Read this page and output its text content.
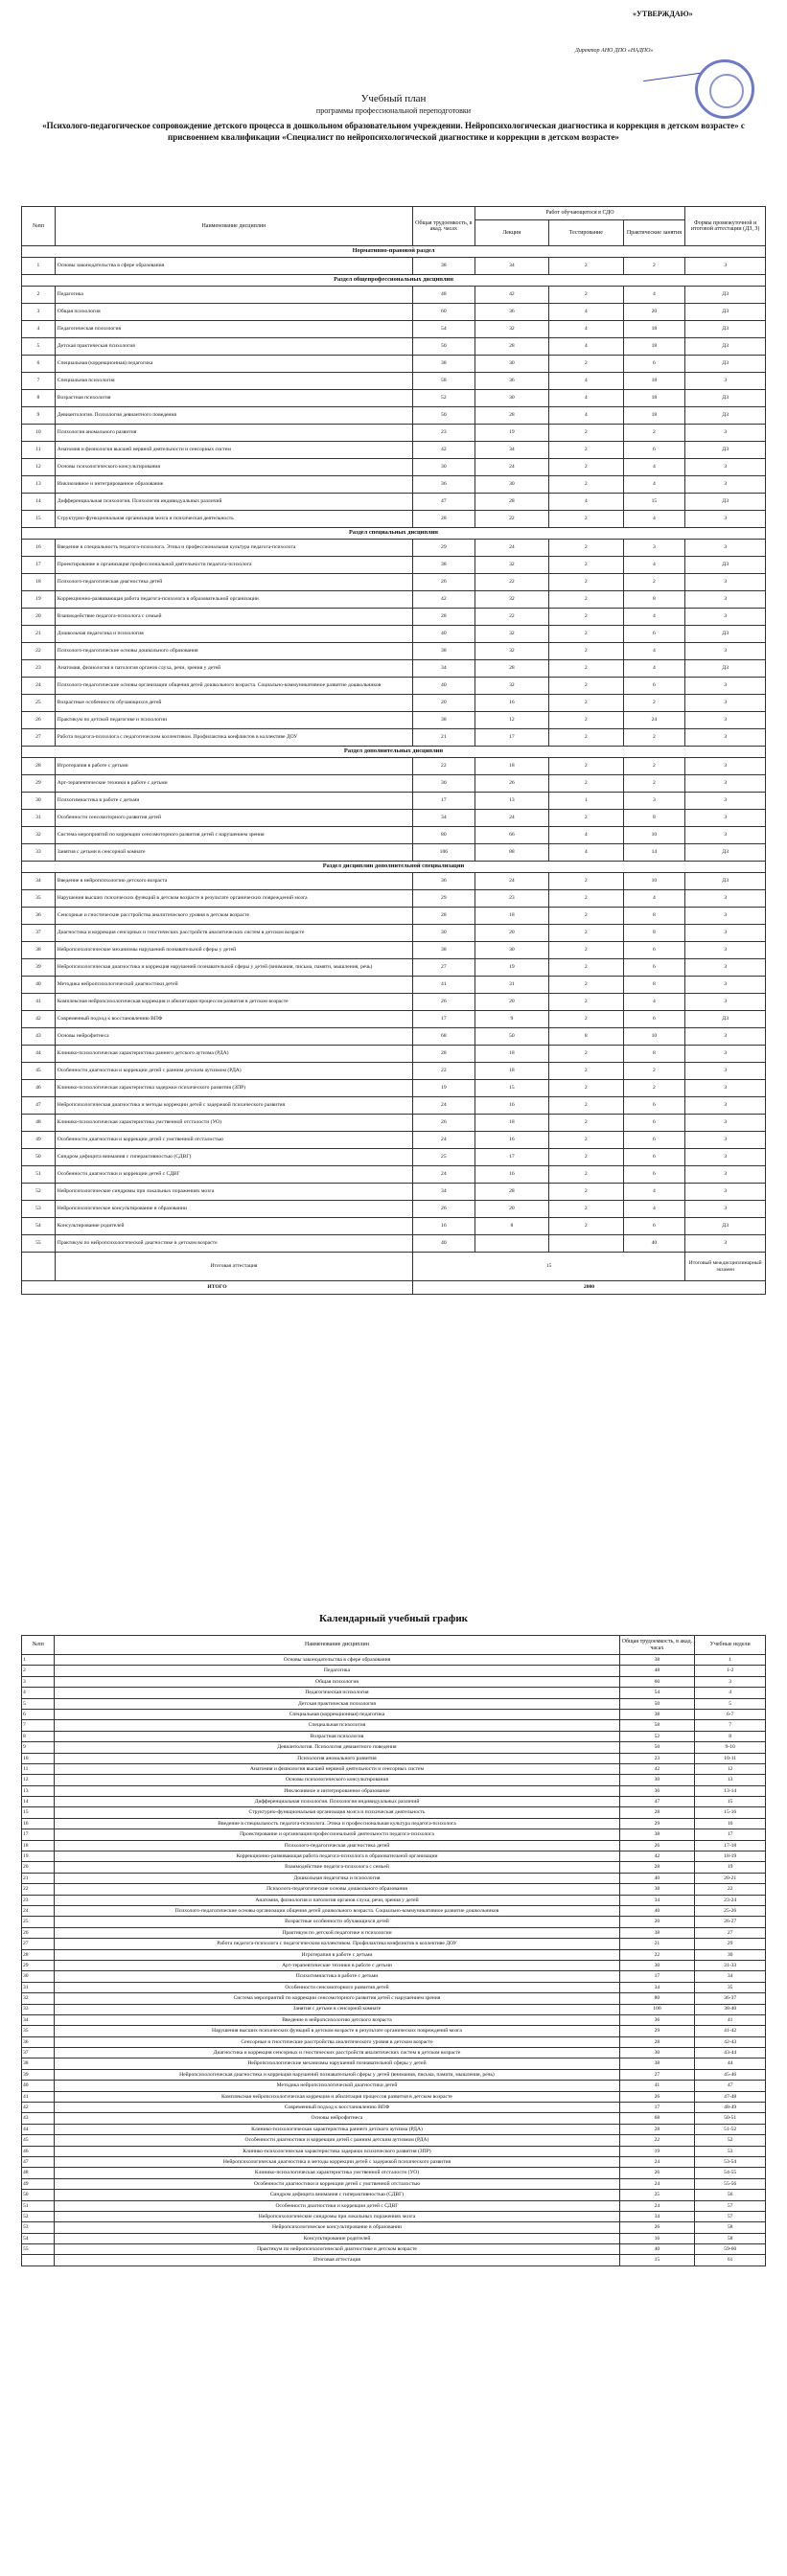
«УТВЕРЖДАЮ»
Директор АНО ДПО «НАДПО»
Учебный план
программы профессиональной переподготовки
«Психолого-педагогическое сопровождение детского процесса в дошкольном образовательном учреждении. Нейропсихологическая диагностика и коррекция в детском возрасте» с присвоением квалификации «Специалист по нейропсихологической диагностике и коррекции в детском возрасте»
№пп	Наименование дисциплин	Общая трудоемкость, в акад. часах	Работ обучающегося в СДО			Формы промежуточной и итоговой аттестации (ДЗ, З)
			Лекции	Тестирование	Практические занятия	
Нормативно-правовой раздел						
1	Основы законодательства в сфере образования	38	34	2	2	З
Раздел общепрофессиональных дисциплин						
2	Педагогика	48	42	2	4	ДЗ
3	Общая психология	60	36	4	20	ДЗ
4	Педагогическая психология	54	32	4	18	ДЗ
5	Детская практическая психология	50	28	4	18	ДЗ
6	Специальная (коррекционная) педагогика	38	30	2	6	ДЗ
7	Специальная психология	58	36	4	18	З
8	Возрастная психология	52	30	4	18	ДЗ
9	Девиантология. Психология девиантного поведения	50	28	4	18	ДЗ
10	Психология аномального развития	23	19	2	2	З
11	Анатомия и физиология высшей нервной деятельности и сенсорных систем	42	34	2	6	ДЗ
12	Основы психологического консультирования	30	24	2	4	З
13	Инклюзивное и интегрированное образование	36	30	2	4	З
14	Дифференциальная психология. Психология индивидуальных различий	47	28	4	15	ДЗ
15	Структурно-функциональная организация мозга и психическая деятельность	28	22	2	4	З
Раздел специальных дисциплин						
16	Введение в специальность педагога-психолога. Этика и профессиональная культура педагога-психолога	29	24	2	3	З
17	Проектирование и организация профессиональной деятельности педагога-психолога	38	32	2	4	ДЗ
18	Психолого-педагогическая диагностика детей	26	22	2	2	З
19	Коррекционно-развивающая работа педагога-психолога в образовательной организации	42	32	2	8	З
20	Взаимодействие педагога-психолога с семьей	28	22	2	4	З
21	Дошкольная педагогика и психология	40	32	2	6	ДЗ
22	Психолого-педагогические основы дошкольного образования	38	32	2	4	З
23	Анатомия, физиология и патология органов слуха, речи, зрения у детей	34	28	2	4	ДЗ
24	Психолого-педагогические основы организации общения детей дошкольного возраста. Социально-коммуникативное развитие дошкольников	40	32	2	6	З
25	Возрастные особенности обучающихся детей	20	16	2	2	З
26	Практикум по детской педагогике и психологии	38	12	2	24	З
27	Работа педагога-психолога с педагогическим коллективом. Профилактика конфликтов в коллективе ДОУ	21	17	2	2	З
Раздел дополнительных дисциплин						
28	Игротерапия в работе с детьми	22	18	2	2	З
29	Арт-терапевтические техники в работе с детьми	30	26	2	2	З
30	Психогимнастика в работе с детьми	17	13	1	3	З
31	Особенности сенсомоторного развития детей	34	24	2	8	З
32	Система мероприятий по коррекции сенсомоторного развития детей с нарушением зрения	80	66	4	10	З
33	Занятия с детьми в сенсорной комнате	106	88	4	14	ДЗ
Раздел дисциплин дополнительной специализации						
34	Введение в нейропсихологию детского возраста	36	24	2	10	ДЗ
35	Нарушения высших психических функций в детском возрасте в результате органических повреждений мозга	29	23	2	4	З
36	Сенсорные и гностические расстройства аналитического уровня в детском возрасте	28	18	2	8	З
37	Диагностика и коррекция сенсорных и гностических расстройств аналитических систем в детском возрасте	30	20	2	8	З
38	Нейропсихологические механизмы нарушений познавательной сферы у детей	38	30	2	6	З
39	Нейропсихологическая диагностика и коррекция нарушений познавательной сферы у детей (внимания, письма, памяти, мышления, речь)	27	19	2	6	З
40	Методика нейропсихологической диагностики детей	41	31	2	8	З
41	Комплексная нейропсихологическая коррекция и абилитация процессов развития в детском возрасте	26	20	2	4	З
42	Современный подход к восстановлению ВПФ	17	9	2	6	ДЗ
43	Основы нейрофитнеса	68	50	8	10	З
44	Клинико-психологическая характеристика раннего детского аутизма (РДА)	28	18	2	8	З
45	Особенности диагностики и коррекции детей с ранним детским аутизмом (РДА)	22	18	2	2	З
46	Клинико-психологическая характеристика задержки психического развития (ЗПР)	19	15	2	2	З
47	Нейропсихологическая диагностика и методы коррекции детей с задержкой психического развития	24	16	2	6	З
48	Клинико-психологическая характеристика умственной отсталости (УО)	26	18	2	6	З
49	Особенности диагностики и коррекции детей с умственной отсталостью	24	16	2	6	З
50	Синдром дефицита внимания с гиперактивностью (СДВГ)	25	17	2	6	З
51	Особенности диагностики и коррекции детей с СДВГ	24	16	2	6	З
52	Нейропсихологические синдромы при локальных поражениях мозга	34	28	2	4	З
53	Нейропсихологическое консультирование в образовании	26	20	2	4	З
54	Консультирование родителей	16	8	2	6	ДЗ
55	Практикум по нейропсихологической диагностике в детском возрасте	40			40	З
	Итоговая аттестация	15				Итоговый междисциплинарный экзамен
ИТОГО		2000				
Календарный учебный график
№пп	Наименование дисциплин	Общая трудоемкость, в акад. часах	Учебные недели
1	Основы законодательства в сфере образования	38	1
2	Педагогика	48	1-2
3	Общая психология	60	3
4	Педагогическая психология	54	4
5	Детская практическая психология	50	5
6	Специальная (коррекционная) педагогика	38	6-7
7	Специальная психология	58	7
8	Возрастная психология	52	8
9	Девиантология. Психология девиантного поведения	50	9-10
10	Психология аномального развития	23	10-11
11	Анатомия и физиология высшей нервной деятельности и сенсорных систем	42	12
12	Основы психологического консультирования	30	13
13	Инклюзивное и интегрированное образование	36	13-14
14	Дифференциальная психология. Психология индивидуальных различий	47	15
15	Структурно-функциональная организация мозга и психическая деятельность	28	15-16
16	Введение в специальность педагога-психолога. Этика и профессиональная культура педагога-психолога	29	16
17	Проектирование и организация профессиональной деятельности педагога-психолога	38	17
18	Психолого-педагогическая диагностика детей	26	17-18
19	Коррекционно-развивающая работа педагога-психолога в образовательной организации	42	18-19
20	Взаимодействие педагога-психолога с семьей	28	19
21	Дошкольная педагогика и психология	40	20-21
22	Психолого-педагогические основы дошкольного образования	38	22
23	Анатомия, физиология и патология органов слуха, речи, зрения у детей	34	23-24
24	Психолого-педагогические основы организации общения детей дошкольного возраста. Социально-коммуникативное развитие дошкольников	40	25-26
25	Возрастные особенности обучающихся детей	20	26-27
26	Практикум по детской педагогике и психологии	38	27
27	Работа педагога-психолога с педагогическим коллективом. Профилактика конфликтов в коллективе ДОУ	21	29
28	Игротерапия в работе с детьми	22	30
29	Арт-терапевтические техники в работе с детьми	30	31-33
30	Психогимнастика в работе с детьми	17	34
31	Особенности сенсомоторного развития детей	34	35
32	Система мероприятий по коррекции сенсомоторного развития детей с нарушением зрения	80	36-37
33	Занятия с детьми в сенсорной комнате	106	38-40
34	Введение в нейропсихологию детского возраста	36	41
35	Нарушения высших психических функций в детском возрасте в результате органических повреждений мозга	29	41-42
36	Сенсорные и гностические расстройства аналитического уровня в детском возрасте	28	42-43
37	Диагностика и коррекция сенсорных и гностических расстройств аналитических систем в детском возрасте	30	43-44
38	Нейропсихологические механизмы нарушений познавательной сферы у детей	38	44
39	Нейропсихологическая диагностика и коррекция нарушений познавательной сферы у детей (внимания, письма, памяти, мышления, речь)	27	45-46
40	Методика нейропсихологической диагностики детей	41	47
41	Комплексная нейропсихологическая коррекция и абилитация процессов развития в детском возрасте	26	47-48
42	Современный подход к восстановлению ВПФ	17	48-49
43	Основы нейрофитнеса	68	50-51
44	Клинико-психологическая характеристика раннего детского аутизма (РДА)	28	51-52
45	Особенности диагностики и коррекции детей с ранним детским аутизмом (РДА)	22	52
46	Клинико-психологическая характеристика задержки психического развития (ЗПР)	19	53
47	Нейропсихологическая диагностика и методы коррекции детей с задержкой психического развития	24	53-54
48	Клинико-психологическая характеристика умственной отсталости (УО)	26	54-55
49	Особенности диагностики и коррекции детей с умственной отсталостью	24	55-56
50	Синдром дефицита внимания с гиперактивностью (СДВГ)	25	56
51	Особенности диагностики и коррекции детей с СДВГ	24	57
52	Нейропсихологические синдромы при локальных поражениях мозга	34	57
53	Нейропсихологическое консультирование в образовании	26	58
54	Консультирование родителей	16	58
55	Практикум по нейропсихологической диагностике в детском возрасте	40	59-60
	Итоговая аттестация	15	61
